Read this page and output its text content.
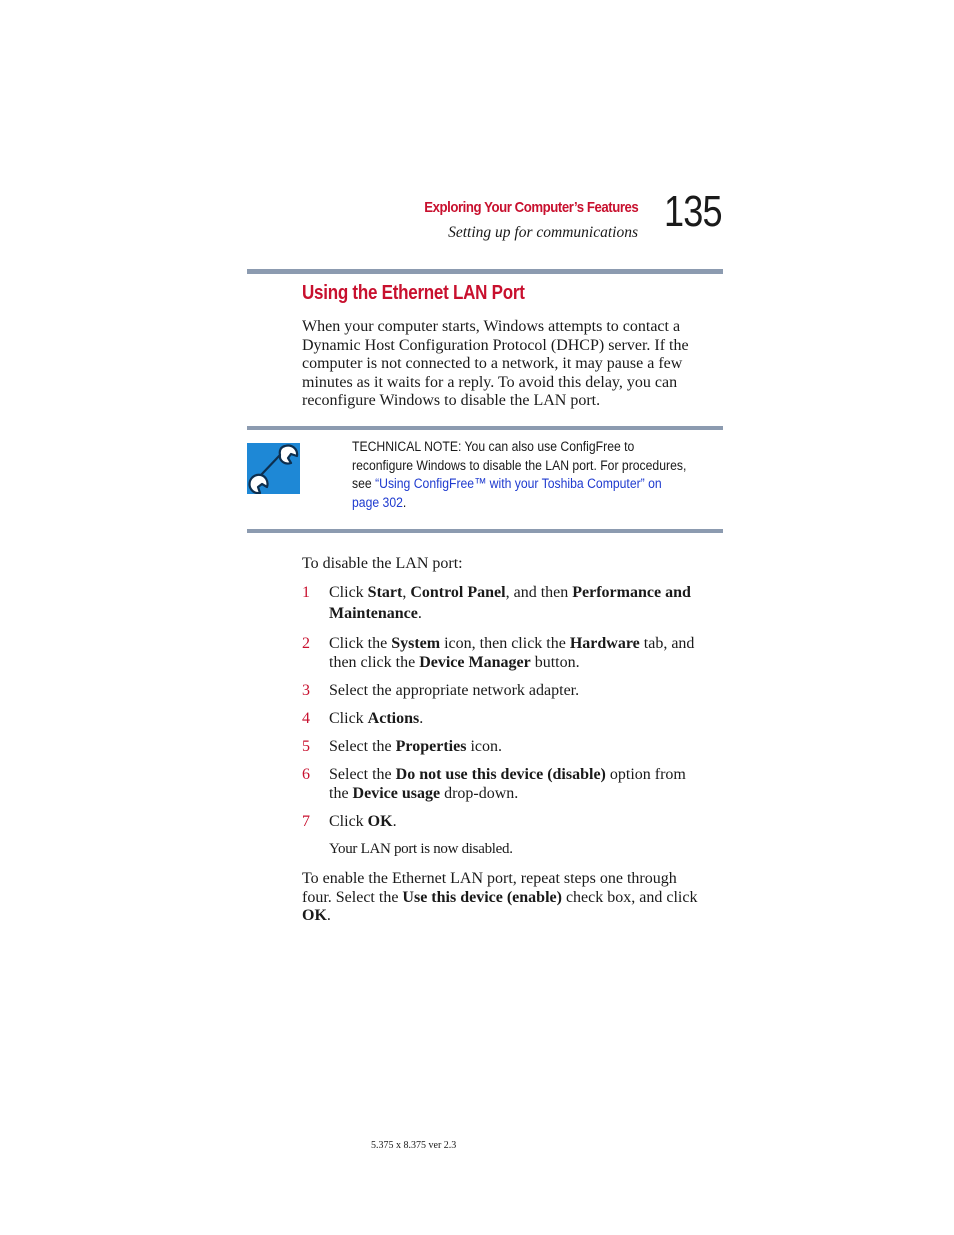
Exploring Your Computer’s Features
Setting up for communications 135
Using the Ethernet LAN Port
When your computer starts, Windows attempts to contact a
Dynamic Host Configuration Protocol (DHCP) server. If the
computer is not connected to a network, it may pause a few
minutes as it waits for a reply. To avoid this delay, you can
reconfigure Windows to disable the LAN port.
TECHNICAL NOTE: You can also use ConfigFree to
reconfigure Windows to disable the LAN port. For procedures,
see “Using ConfigFree™ with your Toshiba Computer” on
page 302.
To disable the LAN port:
1 Click Start, Control Panel, and then Performance and
Maintenance.
2 Click the System icon, then click the Hardware tab, and
then click the Device Manager button.
3 Select the appropriate network adapter.
4 Click Actions.
5 Select the Properties icon.
6 Select the Do not use this device (disable) option from
the Device usage drop-down.
7 Click OK.
Your LAN port is now disabled.
To enable the Ethernet LAN port, repeat steps one through
four. Select the Use this device (enable) check box, and click
OK.
5.375 x 8.375 ver 2.3
